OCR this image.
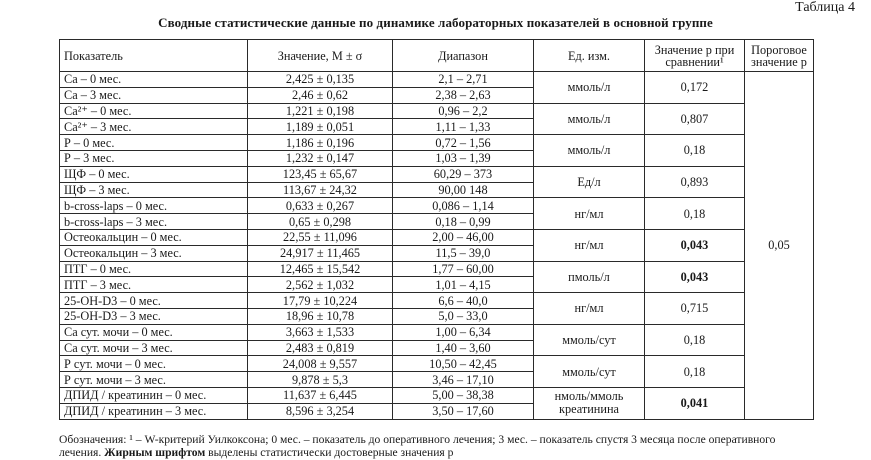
Таблица 4
Сводные статистические данные по динамике лабораторных показателей в основной группе
Показатель	Значение, M ± σ	Диапазон	Ед. изм.	Значение p при сравнении¹	Пороговое значение p
Са – 0 мес.	2,425 ± 0,135	2,1 – 2,71	ммоль/л	0,172	0,05
Са – 3 мес.	2,46 ± 0,62	2,38 – 2,63			
Са²⁺ – 0 мес.	1,221 ± 0,198	0,96 – 2,2	ммоль/л	0,807	
Са²⁺ – 3 мес.	1,189 ± 0,051	1,11 – 1,33			
Р – 0 мес.	1,186 ± 0,196	0,72 – 1,56	ммоль/л	0,18	
Р – 3 мес.	1,232 ± 0,147	1,03 – 1,39			
ЩФ – 0 мес.	123,45 ± 65,67	60,29 – 373	Ед/л	0,893	
ЩФ – 3 мес.	113,67 ± 24,32	90,00 148			
b-cross-laps – 0 мес.	0,633 ± 0,267	0,086 – 1,14	нг/мл	0,18	
b-cross-laps – 3 мес.	0,65 ± 0,298	0,18 – 0,99			
Остеокальцин – 0 мес.	22,55 ± 11,096	2,00 – 46,00	нг/мл	0,043	
Остеокальцин – 3 мес.	24,917 ± 11,465	11,5 – 39,0			
ПТГ – 0 мес.	12,465 ± 15,542	1,77 – 60,00	пмоль/л	0,043	
ПТГ – 3 мес.	2,562 ± 1,032	1,01 – 4,15			
25-ОН-D3 – 0 мес.	17,79 ± 10,224	6,6 – 40,0	нг/мл	0,715	
25-ОН-D3 – 3 мес.	18,96 ± 10,78	5,0 – 33,0			
Са сут. мочи – 0 мес.	3,663 ± 1,533	1,00 – 6,34	ммоль/сут	0,18	
Са сут. мочи – 3 мес.	2,483 ± 0,819	1,40 – 3,60			
Р сут. мочи – 0 мес.	24,008 ± 9,557	10,50 – 42,45	ммоль/сут	0,18	
Р сут. мочи – 3 мес.	9,878 ± 5,3	3,46 – 17,10			
ДПИД / креатинин – 0 мес.	11,637 ± 6,445	5,00 – 38,38	нмоль/ммоль креатинина	0,041	
ДПИД / креатинин – 3 мес.	8,596 ± 3,254	3,50 – 17,60			
Обозначения: ¹ – W-критерий Уилкоксона; 0 мес. – показатель до оперативного лечения; 3 мес. – показатель спустя 3 месяца после оперативного лечения. Жирным шрифтом выделены статистически достоверные значения р
